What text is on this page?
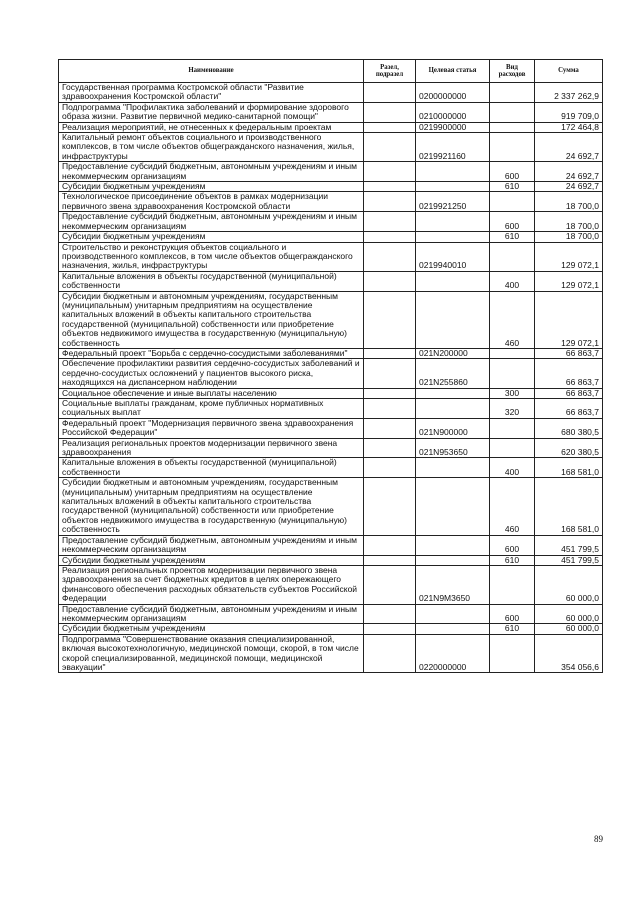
Наименование	Разел, подразел	Целевая статья	Вид расходов	Сумма
Государственная программа Костромской области "Развитие здравоохранения Костромской области"		0200000000		2 337 262,9
Подпрограмма "Профилактика заболеваний и формирование здорового образа жизни. Развитие первичной медико-санитарной помощи"		0210000000		919 709,0
Реализация мероприятий, не отнесенных к федеральным проектам		0219900000		172 464,8
Капитальный ремонт объектов социального и производственного комплексов, в том числе объектов общегражданского назначения, жилья, инфраструктуры		0219921160		24 692,7
Предоставление субсидий бюджетным, автономным учреждениям и иным некоммерческим организациям			600	24 692,7
Субсидии бюджетным учреждениям			610	24 692,7
Технологическое присоединение объектов в рамках модернизации первичного звена здравоохранения Костромской области		0219921250		18 700,0
Предоставление субсидий бюджетным, автономным учреждениям и иным некоммерческим организациям			600	18 700,0
Субсидии бюджетным учреждениям			610	18 700,0
Строительство и реконструкция объектов социального и производственного комплексов, в том числе объектов общегражданского назначения, жилья, инфраструктуры		0219940010		129 072,1
Капитальные вложения в объекты государственной (муниципальной) собственности			400	129 072,1
Субсидии бюджетным и автономным учреждениям, государственным (муниципальным) унитарным предприятиям на осуществление капитальных вложений в объекты капитального строительства государственной (муниципальной) собственности или приобретение объектов недвижимого имущества в государственную (муниципальную) собственность			460	129 072,1
Федеральный проект "Борьба с сердечно-сосудистыми заболеваниями"		021N200000		66 863,7
Обеспечение профилактики развития сердечно-сосудистых заболеваний и сердечно-сосудистых осложнений у пациентов высокого риска, находящихся на диспансерном наблюдении		021N255860		66 863,7
Социальное обеспечение и иные выплаты населению			300	66 863,7
Социальные выплаты гражданам, кроме публичных нормативных социальных выплат			320	66 863,7
Федеральный проект "Модернизация первичного звена здравоохранения Российской Федерации"		021N900000		680 380,5
Реализация региональных проектов модернизации первичного звена здравоохранения		021N953650		620 380,5
Капитальные вложения в объекты государственной (муниципальной) собственности			400	168 581,0
Субсидии бюджетным и автономным учреждениям, государственным (муниципальным) унитарным предприятиям на осуществление капитальных вложений в объекты капитального строительства государственной (муниципальной) собственности или приобретение объектов недвижимого имущества в государственную (муниципальную) собственность			460	168 581,0
Предоставление субсидий бюджетным, автономным учреждениям и иным некоммерческим организациям			600	451 799,5
Субсидии бюджетным учреждениям			610	451 799,5
Реализация региональных проектов модернизации первичного звена здравоохранения за счет бюджетных кредитов в целях опережающего финансового обеспечения расходных обязательств субъектов Российской Федерации		021N9M3650		60 000,0
Предоставление субсидий бюджетным, автономным учреждениям и иным некоммерческим организациям			600	60 000,0
Субсидии бюджетным учреждениям			610	60 000,0
Подпрограмма "Совершенствование оказания специализированной, включая высокотехнологичную, медицинской помощи, скорой, в том числе скорой специализированной, медицинской помощи, медицинской эвакуации"		0220000000		354 056,6
89
